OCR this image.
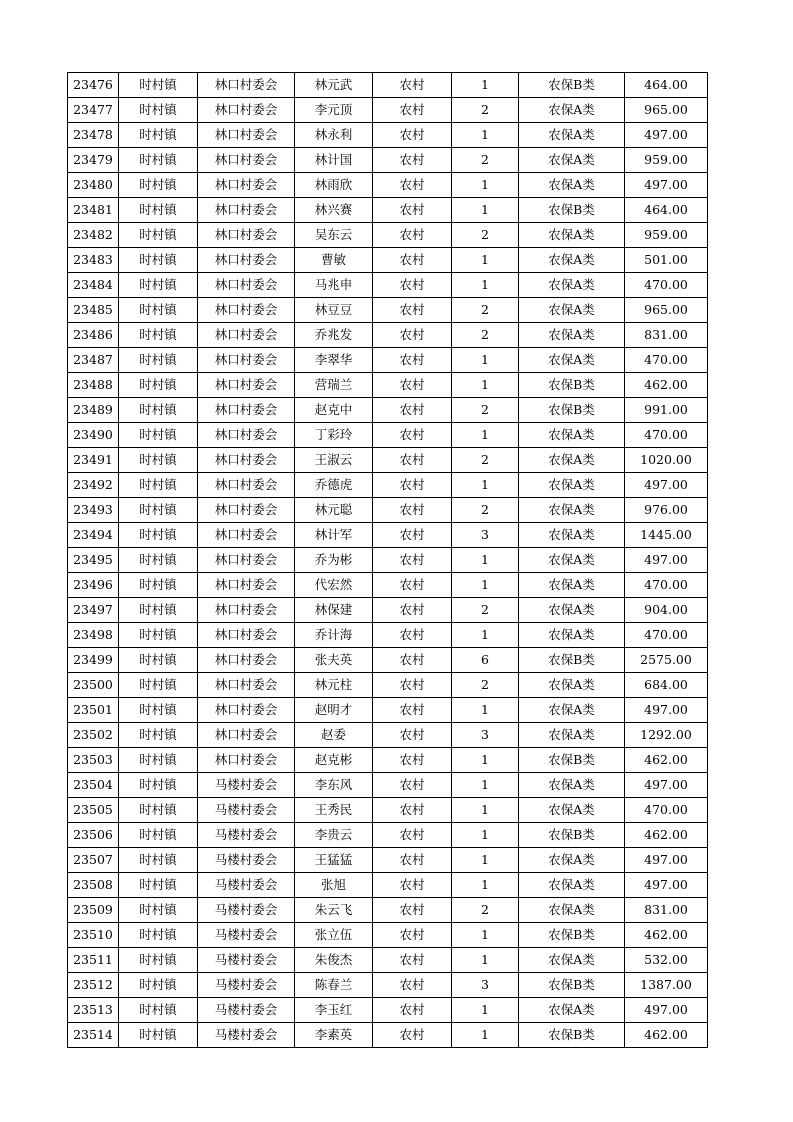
23476	时村镇	林口村委会	林元武	农村	1	农保B类	464.00
23477	时村镇	林口村委会	李元顶	农村	2	农保A类	965.00
23478	时村镇	林口村委会	林永利	农村	1	农保A类	497.00
23479	时村镇	林口村委会	林计国	农村	2	农保A类	959.00
23480	时村镇	林口村委会	林雨欣	农村	1	农保A类	497.00
23481	时村镇	林口村委会	林兴赛	农村	1	农保B类	464.00
23482	时村镇	林口村委会	吴东云	农村	2	农保A类	959.00
23483	时村镇	林口村委会	曹敏	农村	1	农保A类	501.00
23484	时村镇	林口村委会	马兆申	农村	1	农保A类	470.00
23485	时村镇	林口村委会	林豆豆	农村	2	农保A类	965.00
23486	时村镇	林口村委会	乔兆发	农村	2	农保A类	831.00
23487	时村镇	林口村委会	李翠华	农村	1	农保A类	470.00
23488	时村镇	林口村委会	营瑞兰	农村	1	农保B类	462.00
23489	时村镇	林口村委会	赵克中	农村	2	农保B类	991.00
23490	时村镇	林口村委会	丁彩玲	农村	1	农保A类	470.00
23491	时村镇	林口村委会	王淑云	农村	2	农保A类	1020.00
23492	时村镇	林口村委会	乔德虎	农村	1	农保A类	497.00
23493	时村镇	林口村委会	林元聪	农村	2	农保A类	976.00
23494	时村镇	林口村委会	林计军	农村	3	农保A类	1445.00
23495	时村镇	林口村委会	乔为彬	农村	1	农保A类	497.00
23496	时村镇	林口村委会	代宏然	农村	1	农保A类	470.00
23497	时村镇	林口村委会	林保建	农村	2	农保A类	904.00
23498	时村镇	林口村委会	乔计海	农村	1	农保A类	470.00
23499	时村镇	林口村委会	张夫英	农村	6	农保B类	2575.00
23500	时村镇	林口村委会	林元柱	农村	2	农保A类	684.00
23501	时村镇	林口村委会	赵明才	农村	1	农保A类	497.00
23502	时村镇	林口村委会	赵委	农村	3	农保A类	1292.00
23503	时村镇	林口村委会	赵克彬	农村	1	农保B类	462.00
23504	时村镇	马楼村委会	李东风	农村	1	农保A类	497.00
23505	时村镇	马楼村委会	王秀民	农村	1	农保A类	470.00
23506	时村镇	马楼村委会	李贵云	农村	1	农保B类	462.00
23507	时村镇	马楼村委会	王猛猛	农村	1	农保A类	497.00
23508	时村镇	马楼村委会	张旭	农村	1	农保A类	497.00
23509	时村镇	马楼村委会	朱云飞	农村	2	农保A类	831.00
23510	时村镇	马楼村委会	张立伍	农村	1	农保B类	462.00
23511	时村镇	马楼村委会	朱俊杰	农村	1	农保A类	532.00
23512	时村镇	马楼村委会	陈春兰	农村	3	农保B类	1387.00
23513	时村镇	马楼村委会	李玉红	农村	1	农保A类	497.00
23514	时村镇	马楼村委会	李素英	农村	1	农保B类	462.00
